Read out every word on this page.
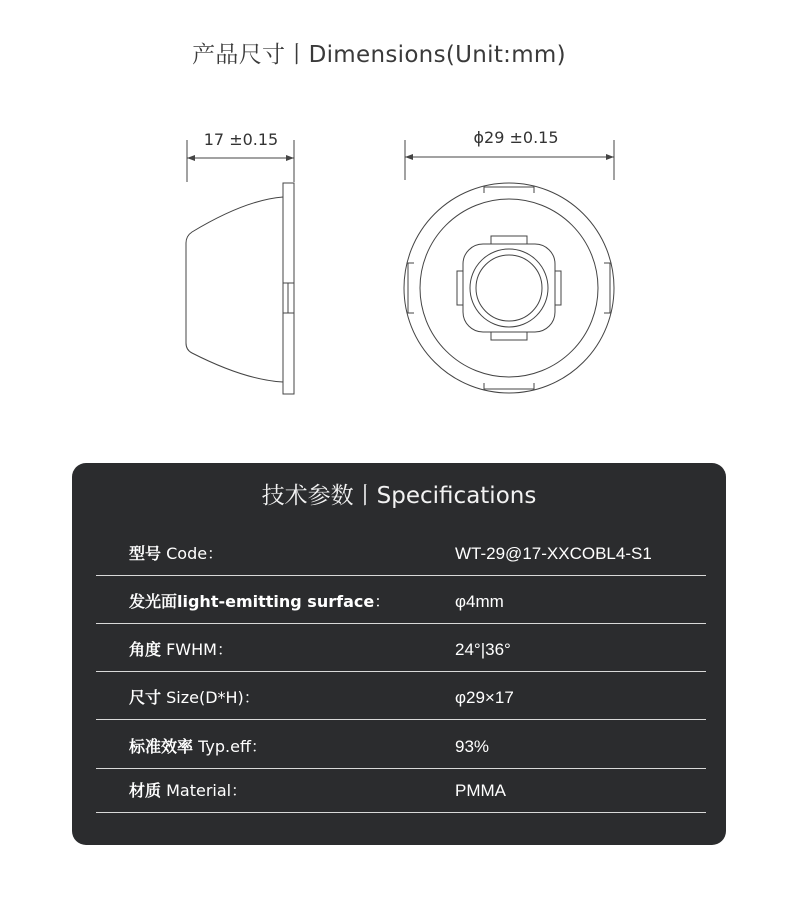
产品尺寸丨Dimensions(Unit:mm)
17 ±0.15	ɸ29 ±0.15
技术参数丨Specifications
型号 Code：	WT-29@17-XXCOBL4-S1
发光面light-emitting surface：	φ4mm
角度 FWHM：	24°|36°
尺寸 Size(D*H)：	φ29×17
标准效率 Typ.eff：	93%
材质 Material：	PMMA
